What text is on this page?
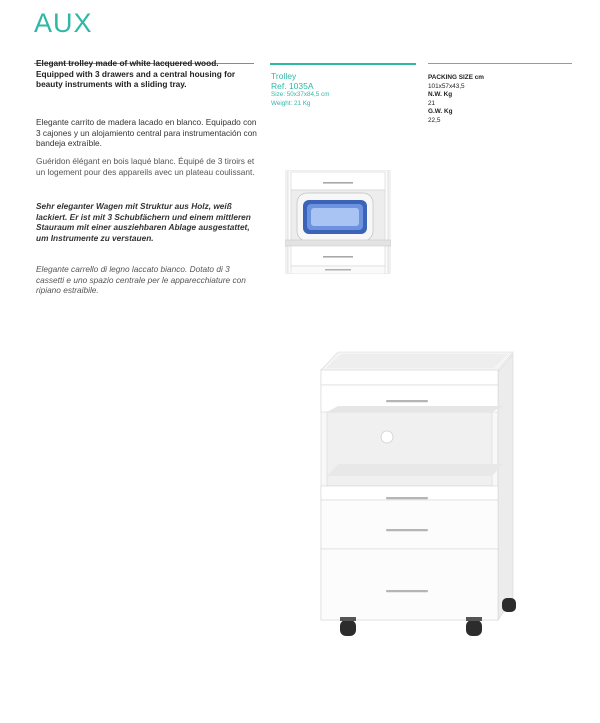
AUX

Elegant trolley made of white lacquered wood. Equipped with 3 drawers and a central housing for beauty instruments with a sliding tray.

Elegante carrito de madera lacado en blanco. Equipado con 3 cajones y un alojamiento central para instrumentación con bandeja extraíble.

Guéridon élégant en bois laqué blanc. Équipé de 3 tiroirs et un logement pour des appareils avec un plateau coulissant.

Sehr eleganter Wagen mit Struktur aus Holz, weiß lackiert. Er ist mit 3 Schubfächern und einem mittleren Stauraum mit einer ausziehbaren Ablage ausgestattet, um Instrumente zu verstauen.

Elegante carrello di legno laccato bianco. Dotato di 3 cassetti e uno spazio centrale per le apparecchiature con ripiano estraibile.

Trolley
Ref. 1035A
Size: 50x37x84,5 cm
Weight: 21 Kg
PACKING SIZE cm
101x57x43,5
N.W. Kg
21
G.W. Kg
22,5
